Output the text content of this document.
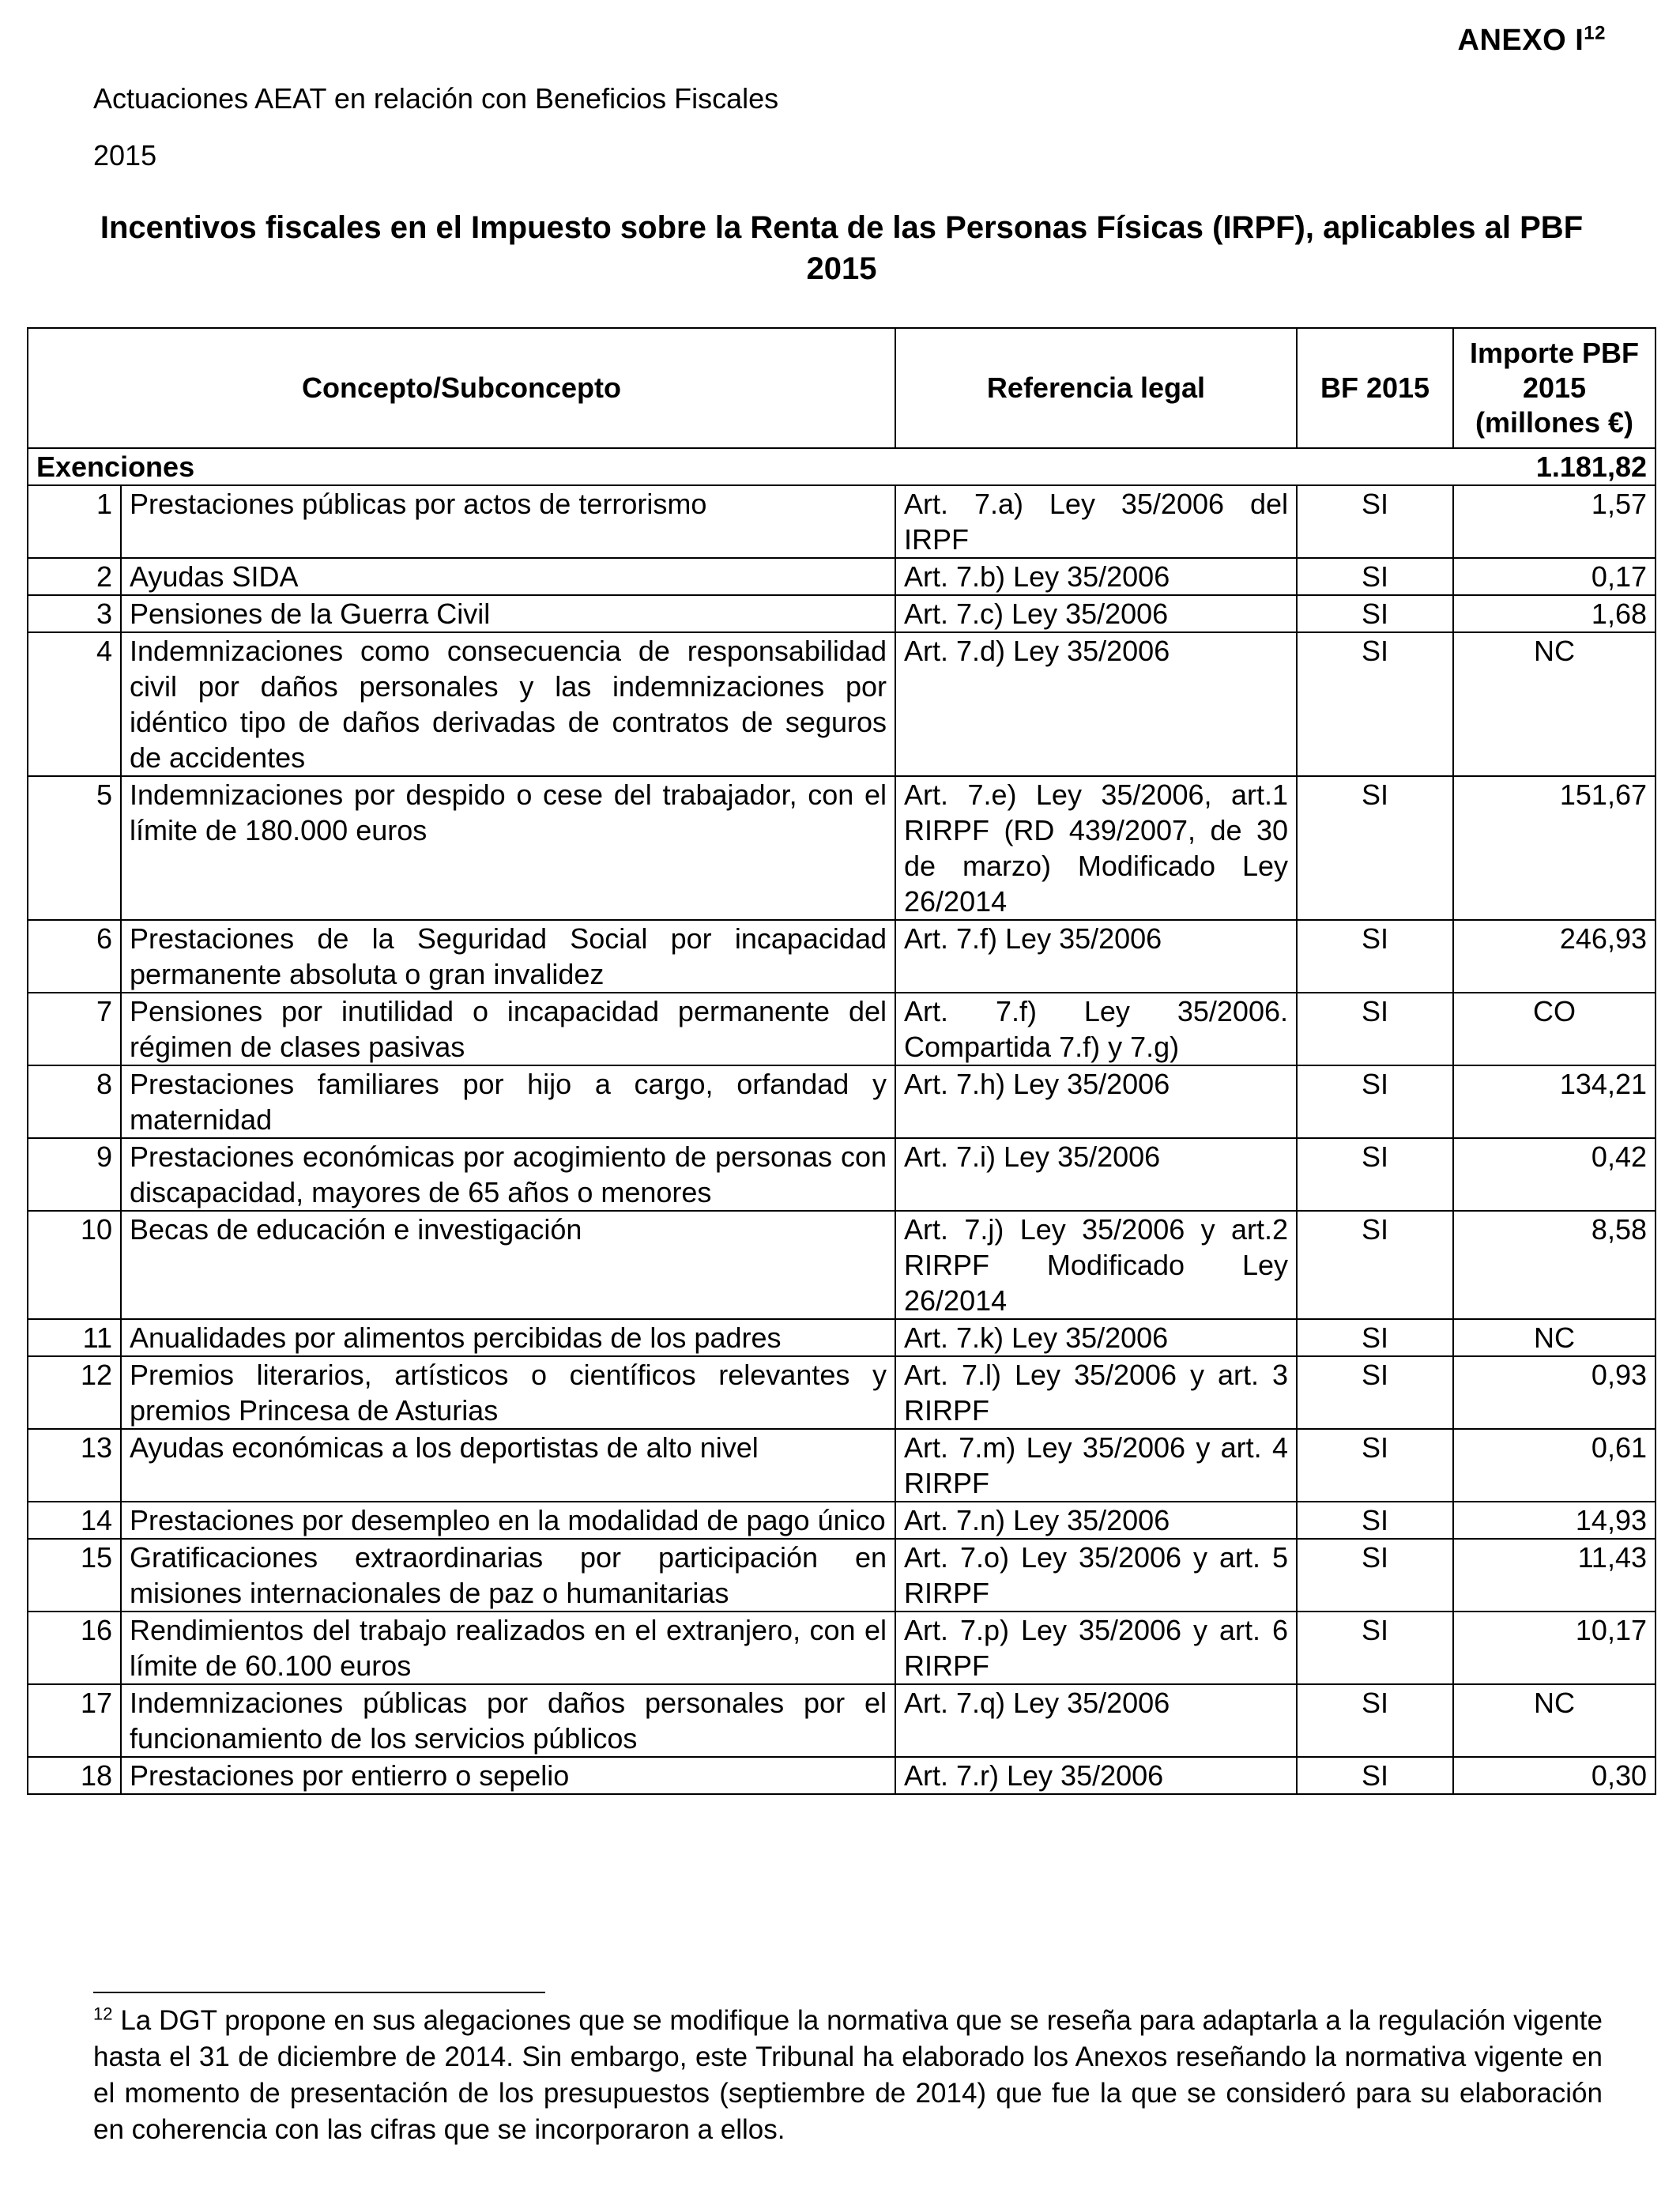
ANEXO $I^{12}$
Actuaciones AEAT en relación con Beneficios Fiscales
2015
Incentivos fiscales en el Impuesto sobre la Renta de las Personas Físicas (IRPF), aplicables al PBF 2015
Concepto/Subconcepto		Referencia legal	BF 2015	Importe PBF 2015 (millones €)
Exenciones				1.181,82
1	Prestaciones públicas por actos de terrorismo	Art. 7.a) Ley 35/2006 del IRPF	SI	1,57
2	Ayudas SIDA	Art. 7.b) Ley 35/2006	SI	0,17
3	Pensiones de la Guerra Civil	Art. 7.c) Ley 35/2006	SI	1,68
4	Indemnizaciones como consecuencia de responsabilidad civil por daños personales y las indemnizaciones por idéntico tipo de daños derivadas de contratos de seguros de accidentes	Art. 7.d) Ley 35/2006	SI	NC
5	Indemnizaciones por despido o cese del trabajador, con el límite de 180.000 euros	Art. 7.e) Ley 35/2006, art.1 RIRPF (RD 439/2007, de 30 de marzo) Modificado Ley 26/2014	SI	151,67
6	Prestaciones de la Seguridad Social por incapacidad permanente absoluta o gran invalidez	Art. 7.f) Ley 35/2006	SI	246,93
7	Pensiones por inutilidad o incapacidad permanente del régimen de clases pasivas	Art. 7.f) Ley 35/2006. Compartida 7.f) y 7.g)	SI	CO
8	Prestaciones familiares por hijo a cargo, orfandad y maternidad	Art. 7.h) Ley 35/2006	SI	134,21
9	Prestaciones económicas por acogimiento de personas con discapacidad, mayores de 65 años o menores	Art. 7.i) Ley 35/2006	SI	0,42
10	Becas de educación e investigación	Art. 7.j) Ley 35/2006 y art.2 RIRPF Modificado Ley 26/2014	SI	8,58
11	Anualidades por alimentos percibidas de los padres	Art. 7.k) Ley 35/2006	SI	NC
12	Premios literarios, artísticos o científicos relevantes y premios Princesa de Asturias	Art. 7.l) Ley 35/2006 y art. 3 RIRPF	SI	0,93
13	Ayudas económicas a los deportistas de alto nivel	Art. 7.m) Ley 35/2006 y art. 4 RIRPF	SI	0,61
14	Prestaciones por desempleo en la modalidad de pago único	Art. 7.n) Ley 35/2006	SI	14,93
15	Gratificaciones extraordinarias por participación en misiones internacionales de paz o humanitarias	Art. 7.o) Ley 35/2006 y art. 5 RIRPF	SI	11,43
16	Rendimientos del trabajo realizados en el extranjero, con el límite de 60.100 euros	Art. 7.p) Ley 35/2006 y art. 6 RIRPF	SI	10,17
17	Indemnizaciones públicas por daños personales por el funcionamiento de los servicios públicos	Art. 7.q) Ley 35/2006	SI	NC
18	Prestaciones por entierro o sepelio	Art. 7.r) Ley 35/2006	SI	0,30
$^{12}$ La DGT propone en sus alegaciones que se modifique la normativa que se reseña para adaptarla a la regulación vigente hasta el 31 de diciembre de 2014. Sin embargo, este Tribunal ha elaborado los Anexos reseñando la normativa vigente en el momento de presentación de los presupuestos (septiembre de 2014) que fue la que se consideró para su elaboración en coherencia con las cifras que se incorporaron a ellos.
